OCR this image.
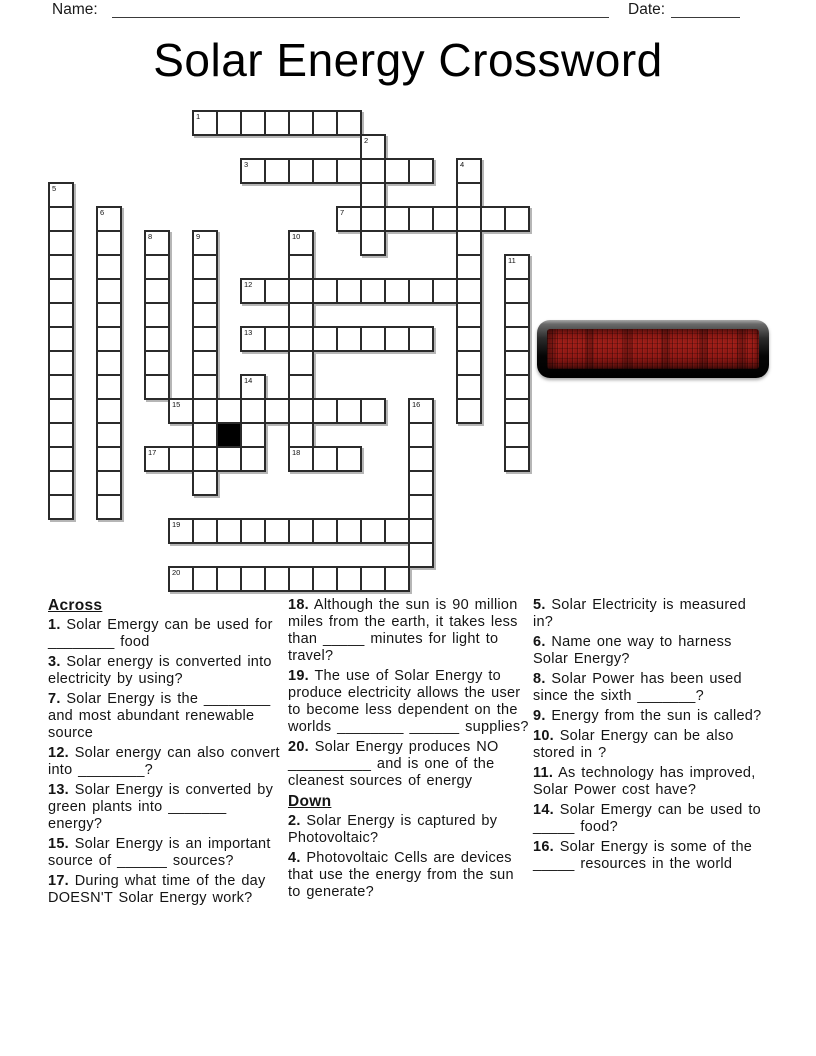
Name:	Date:
Solar Energy Crossword
1
2
3	4
5
6	7
8	9	10
11
12
13
14
15	16
17	18
19
20
Across
1. Solar Emergy can be used for ________ food
3. Solar energy is converted into electricity by using?
7. Solar Energy is the ________ and most abundant renewable source
12. Solar energy can also convert into ________?
13. Solar Energy is converted by green plants into _______ energy?
15. Solar Energy is an important source of ______ sources?
17. During what time of the day DOESN'T Solar Energy work?
18. Although the sun is 90 million miles from the earth, it takes less than _____ minutes for light to travel?
19. The use of Solar Energy to produce electricity allows the user to become less dependent on the worlds ________ ______ supplies?
20. Solar Energy produces NO __________ and is one of the cleanest sources of energy
Down
2. Solar Energy is captured by Photovoltaic?
4. Photovoltaic Cells are devices that use the energy from the sun to generate?
5. Solar Electricity is measured in?
6. Name one way to harness Solar Energy?
8. Solar Power has been used since the sixth _______?
9. Energy from the sun is called?
10. Solar Energy can be also stored in ?
11. As technology has improved, Solar Power cost have?
14. Solar Emergy can be used to _____ food?
16. Solar Energy is some of the _____ resources in the world
